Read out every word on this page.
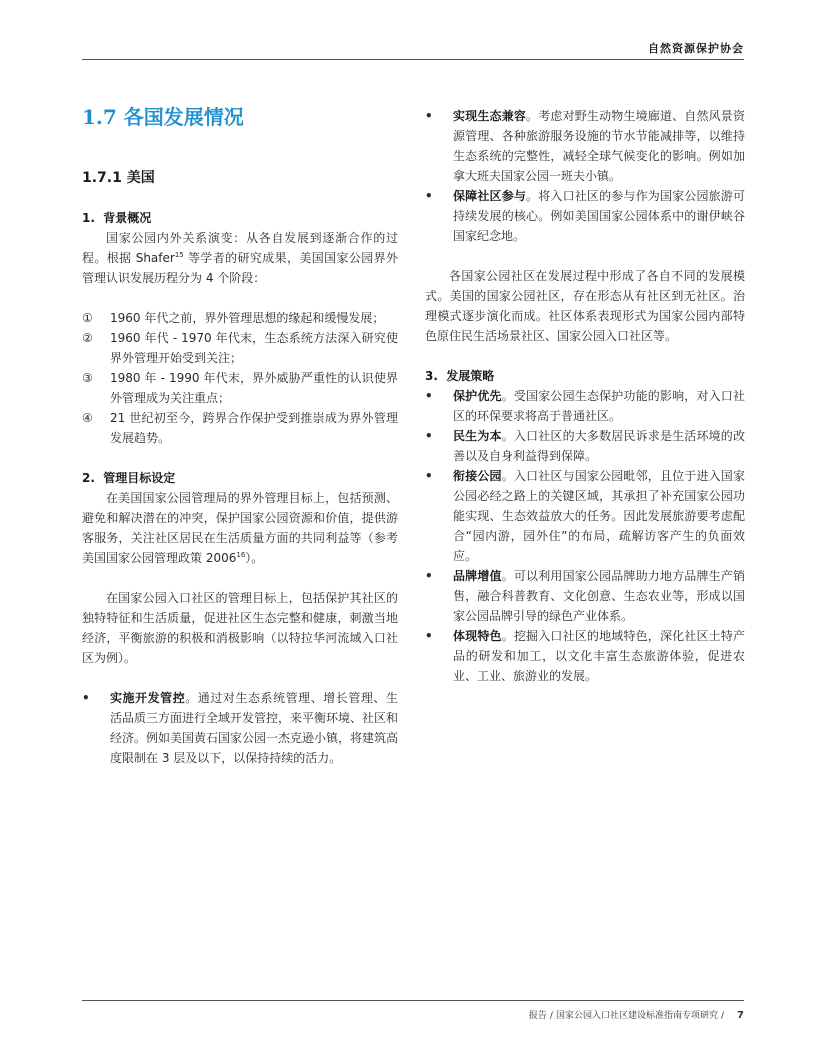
自然资源保护协会
1.7 各国发展情况
1.7.1 美国

1.  背景概况

国家公园内外关系演变：从各自发展到逐渐合作的过程。根据 Shafer$^{15}$ 等学者的研究成果，美国国家公园界外管理认识发展历程分为 4 个阶段：

①	1960 年代之前，界外管理思想的缘起和缓慢发展；
②	1960 年代 - 1970 年代末，生态系统方法深入研究使界外管理开始受到关注；
③	1980 年 - 1990 年代末，界外威胁严重性的认识使界外管理成为关注重点；
④	21 世纪初至今，跨界合作保护受到推崇成为界外管理发展趋势。

2.  管理目标设定

在美国国家公园管理局的界外管理目标上，包括预测、避免和解决潜在的冲突，保护国家公园资源和价值，提供游客服务，关注社区居民在生活质量方面的共同利益等（参考美国国家公园管理政策 2006$^{16}$）。

在国家公园入口社区的管理目标上，包括保护其社区的独特特征和生活质量，促进社区生态完整和健康，刺激当地经济，平衡旅游的积极和消极影响（以特拉华河流域入口社区为例）。

•	实施开发管控。通过对生态系统管理、增长管理、生活品质三方面进行全域开发管控，来平衡环境、社区和经济。例如美国黄石国家公园一杰克逊小镇，将建筑高度限制在 3 层及以下，以保持持续的活力。
•	实现生态兼容。考虑对野生动物生境廊道、自然风景资源管理、各种旅游服务设施的节水节能减排等，以维持生态系统的完整性，减轻全球气候变化的影响。例如加拿大班夫国家公园一班夫小镇。
•	保障社区参与。将入口社区的参与作为国家公园旅游可持续发展的核心。例如美国国家公园体系中的谢伊峡谷国家纪念地。

各国家公园社区在发展过程中形成了各自不同的发展模式。美国的国家公园社区，存在形态从有社区到无社区。治理模式逐步演化而成。社区体系表现形式为国家公园内部特色原住民生活场景社区、国家公园入口社区等。

3.  发展策略

•	保护优先。受国家公园生态保护功能的影响，对入口社区的环保要求将高于普通社区。
•	民生为本。入口社区的大多数居民诉求是生活环境的改善以及自身利益得到保障。
•	衔接公园。入口社区与国家公园毗邻，且位于进入国家公园必经之路上的关键区域，其承担了补充国家公园功能实现、生态效益放大的任务。因此发展旅游要考虑配合“园内游，园外住”的布局，疏解访客产生的负面效应。
•	品牌增值。可以利用国家公园品牌助力地方品牌生产销售，融合科普教育、文化创意、生态农业等，形成以国家公园品牌引导的绿色产业体系。
•	体现特色。挖掘入口社区的地域特色，深化社区土特产品的研发和加工，以文化丰富生态旅游体验，促进农业、工业、旅游业的发展。
报告 / 国家公园入口社区建设标准指南专项研究 / 7
